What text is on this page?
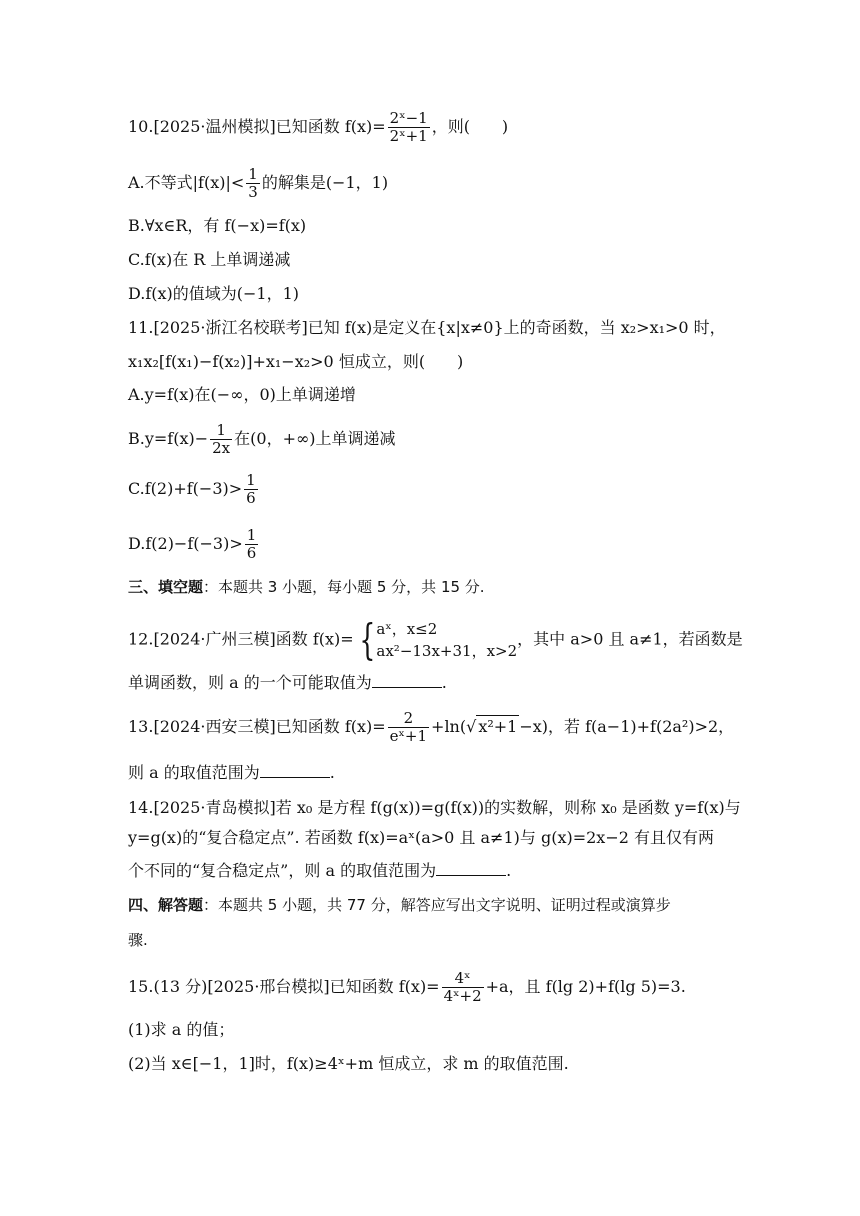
10.[2025·温州模拟]已知函数 $f(x)= \frac{\text{2ˣ−1}}{\text{2ˣ+1}}$ ，则(　　)
A.不等式$|f(x)|< \frac{1}{3}$ 的解集是(−1，1)
B.∀x∈R，有 f(−x)=f(x)
C.f(x)在 R 上单调递减
D.f(x)的值域为(−1，1)
11.[2025·浙江名校联考]已知 f(x)是定义在{x|x≠0}上的奇函数，当 x₂>x₁>0 时，
x₁x₂[f(x₁)−f(x₂)]+x₁−x₂>0 恒成立，则(　　)
A.y=f(x)在(−∞，0)上单调递增
$B.y=f(x)- \frac{1}{2x}$ 在(0，+∞)上单调递减
$C.f(2)+f(-3)> \frac{1}{6}$
$D.f(2)-f(-3)> \frac{1}{6}$
三、填空题：本题共 3 小题，每小题 5 分，共 15 分.
12.[2024·广州三模]函数 f(x)= { aˣ，x≤2
ax²−13x+31，x>2
，其中 a>0 且 a≠1，若函数是
单调函数，则 a 的一个可能取值为	.
13.[2024·西安三模]已知函数 $f(x)= \frac{2}{\text{eˣ+1}} +\ln(√$ x²+1 −x)，若 f(a−1)+f(2a²)>2，
则 a 的取值范围为	.
14.[2025·青岛模拟]若 x₀ 是方程 f(g(x))=g(f(x))的实数解，则称 x₀ 是函数 y=f(x)与
y=g(x)的“复合稳定点”. 若函数 f(x)=aˣ(a>0 且 a≠1)与 g(x)=2x−2 有且仅有两
个不同的“复合稳定点”，则 a 的取值范围为	.
四、解答题：本题共 5 小题，共 77 分，解答应写出文字说明、证明过程或演算步
骤.
15.(13 分)[2025·邢台模拟]已知函数 $f(x)= \frac{\text{4ˣ}}{\text{4ˣ+2}} +a$，且 f(lg 2)+f(lg 5)=3.
(1)求 a 的值；
(2)当 x∈[−1，1]时，f(x)≥4ˣ+m 恒成立，求 m 的取值范围.
